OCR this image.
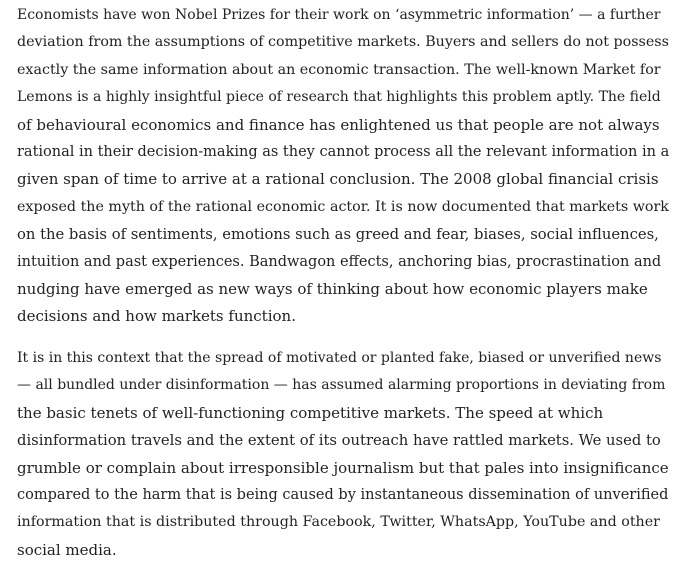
Economists have won Nobel Prizes for their work on ‘asymmetric information’ — a further
deviation from the assumptions of competitive markets. Buyers and sellers do not possess
exactly the same information about an economic transaction. The well-known Market for
Lemons is a highly insightful piece of research that highlights this problem aptly. The field
of behavioural economics and finance has enlightened us that people are not always
rational in their decision-making as they cannot process all the relevant information in a
given span of time to arrive at a rational conclusion. The 2008 global financial crisis
exposed the myth of the rational economic actor. It is now documented that markets work
on the basis of sentiments, emotions such as greed and fear, biases, social influences,
intuition and past experiences. Bandwagon effects, anchoring bias, procrastination and
nudging have emerged as new ways of thinking about how economic players make
decisions and how markets function.

It is in this context that the spread of motivated or planted fake, biased or unverified news
— all bundled under disinformation — has assumed alarming proportions in deviating from
the basic tenets of well-functioning competitive markets. The speed at which
disinformation travels and the extent of its outreach have rattled markets. We used to
grumble or complain about irresponsible journalism but that pales into insignificance
compared to the harm that is being caused by instantaneous dissemination of unverified
information that is distributed through Facebook, Twitter, WhatsApp, YouTube and other
social media.
